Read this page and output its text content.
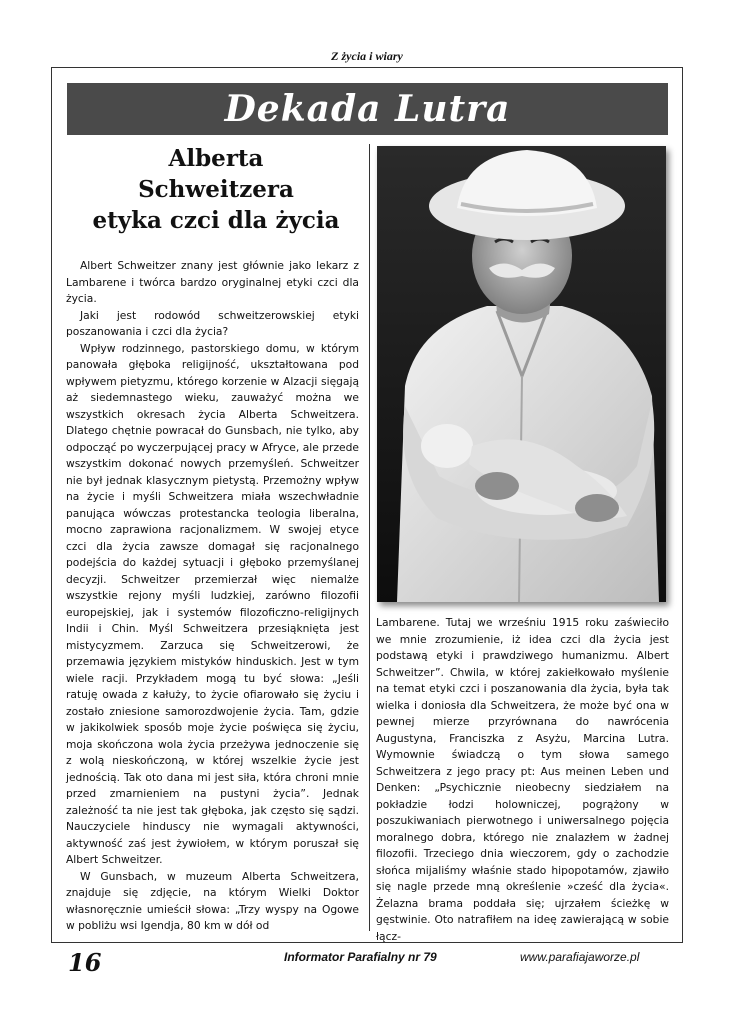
Z życia i wiary
Dekada Lutra
Alberta
Schweitzera
etyka czci dla życia

Albert Schweitzer znany jest głównie jako lekarz z Lambarene i twórca bardzo oryginalnej etyki czci dla życia.

Jaki jest rodowód schweitzerowskiej etyki poszanowania i czci dla życia?

Wpływ rodzinnego, pastorskiego domu, w którym panowała głęboka religijność, ukształtowana pod wpływem pietyzmu, którego korzenie w Alzacji sięgają aż siedemnastego wieku, zauważyć można we wszystkich okresach życia Alberta Schweitzera. Dlatego chętnie powracał do Gunsbach, nie tylko, aby odpocząć po wyczerpującej pracy w Afryce, ale przede wszystkim dokonać nowych przemyśleń. Schweitzer nie był jednak klasycznym pietystą. Przemożny wpływ na życie i myśli Schweitzera miała wszechwładnie panująca wówczas protestancka teologia liberalna, mocno zaprawiona racjonalizmem. W swojej etyce czci dla życia zawsze domagał się racjonalnego podejścia do każdej sytuacji i głęboko przemyślanej decyzji. Schweitzer przemierzał więc niemalże wszystkie rejony myśli ludzkiej, zarówno filozofii europejskiej, jak i systemów filozoficzno-religijnych Indii i Chin. Myśl Schweitzera przesiąknięta jest mistycyzmem. Zarzuca się Schweitzerowi, że przemawia językiem mistyków hinduskich. Jest w tym wiele racji. Przykładem mogą tu być słowa: „Jeśli ratuję owada z kałuży, to życie ofiarowało się życiu i zostało zniesione samorozdwojenie życia. Tam, gdzie w jakikolwiek sposób moje życie poświęca się życiu, moja skończona wola życia przeżywa jednoczenie się z wolą nieskończoną, w której wszelkie życie jest jednością. Tak oto dana mi jest siła, która chroni mnie przed zmarnieniem na pustyni życia”. Jednak zależność ta nie jest tak głęboka, jak często się sądzi. Nauczyciele hinduscy nie wymagali aktywności, aktywność zaś jest żywiołem, w którym poruszał się Albert Schweitzer.

W Gunsbach, w muzeum Alberta Schweitzera, znajduje się zdjęcie, na którym Wielki Doktor własnoręcznie umieścił słowa: „Trzy wyspy na Ogowe w pobliżu wsi Igendja, 80 km w dół od

Lambarene. Tutaj we wrześniu 1915 roku zaświeciło we mnie zrozumienie, iż idea czci dla życia jest podstawą etyki i prawdziwego humanizmu. Albert Schweitzer”. Chwila, w której zakiełkowało myślenie na temat etyki czci i poszanowania dla życia, była tak wielka i doniosła dla Schweitzera, że może być ona w pewnej mierze przyrównana do nawrócenia Augustyna, Franciszka z Asyżu, Marcina Lutra. Wymownie świadczą o tym słowa samego Schweitzera z jego pracy pt: Aus meinen Leben und Denken: „Psychicznie nieobecny siedziałem na pokładzie łodzi holowniczej, pogrążony w poszukiwaniach pierwotnego i uniwersalnego pojęcia moralnego dobra, którego nie znalazłem w żadnej filozofii. Trzeciego dnia wieczorem, gdy o zachodzie słońca mijaliśmy właśnie stado hipopotamów, zjawiło się nagle przede mną określenie »cześć dla życia«. Żelazna brama poddała się; ujrzałem ścieżkę w gęstwinie. Oto natrafiłem na ideę zawierającą w sobie łącz-

16	Informator Parafialny nr 79	www.parafiajaworze.pl
